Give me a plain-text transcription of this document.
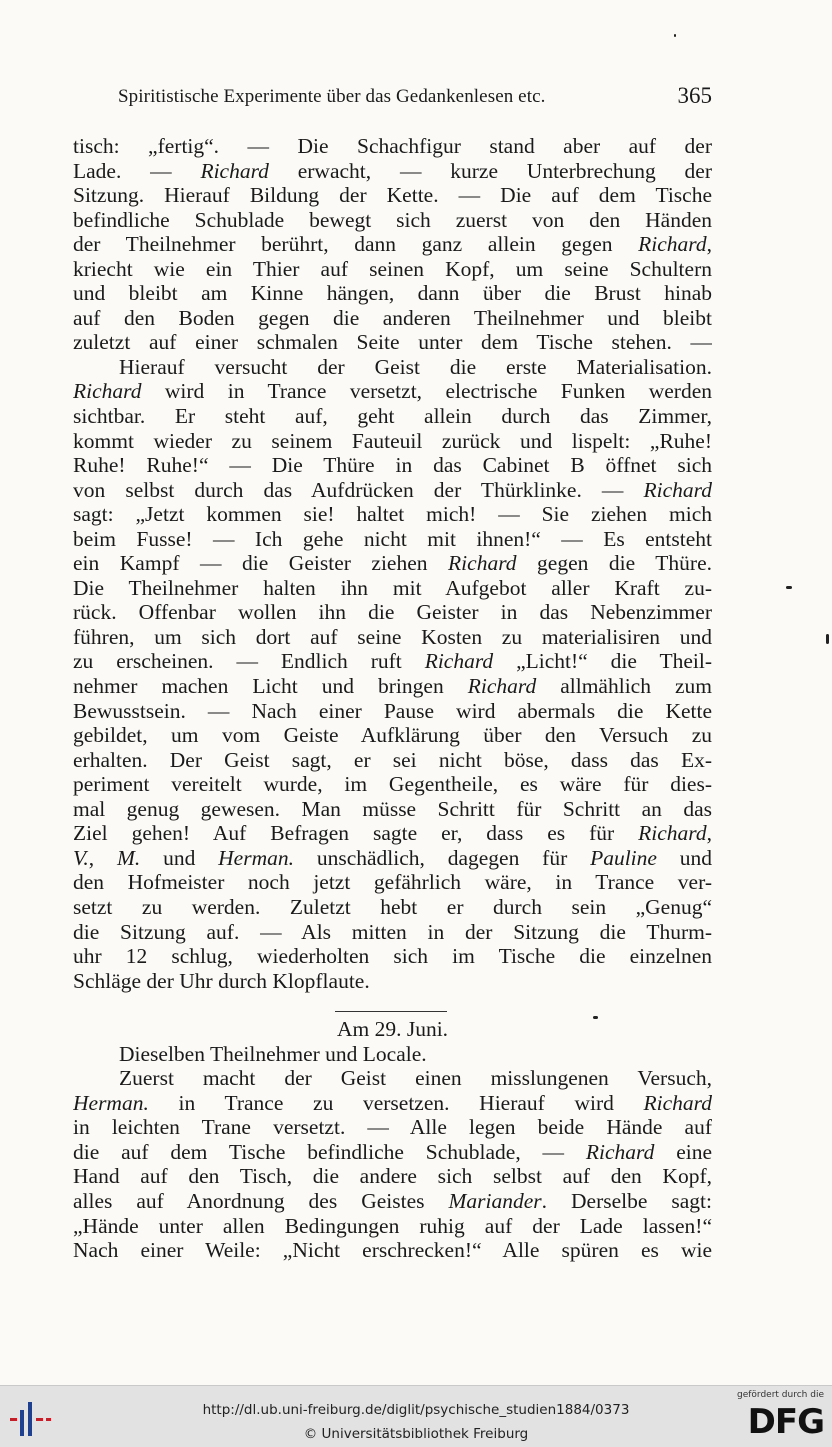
Spiritistische Experimente über das Gedankenlesen etc.	365
tisch: „fertig“. — Die Schachfigur stand aber auf der
Lade. — Richard erwacht, — kurze Unterbrechung der
Sitzung. Hierauf Bildung der Kette. — Die auf dem Tische
befindliche Schublade bewegt sich zuerst von den Händen
der Theilnehmer berührt, dann ganz allein gegen Richard,
kriecht wie ein Thier auf seinen Kopf, um seine Schultern
und bleibt am Kinne hängen, dann über die Brust hinab
auf den Boden gegen die anderen Theilnehmer und bleibt
zuletzt auf einer schmalen Seite unter dem Tische stehen. —
Hierauf versucht der Geist die erste Materialisation.
Richard wird in Trance versetzt, electrische Funken werden
sichtbar. Er steht auf, geht allein durch das Zimmer,
kommt wieder zu seinem Fauteuil zurück und lispelt: „Ruhe!
Ruhe! Ruhe!“ — Die Thüre in das Cabinet B öffnet sich
von selbst durch das Aufdrücken der Thürklinke. — Richard
sagt: „Jetzt kommen sie! haltet mich! — Sie ziehen mich
beim Fusse! — Ich gehe nicht mit ihnen!“ — Es entsteht
ein Kampf — die Geister ziehen Richard gegen die Thüre.
Die Theilnehmer halten ihn mit Aufgebot aller Kraft zu-
rück. Offenbar wollen ihn die Geister in das Nebenzimmer
führen, um sich dort auf seine Kosten zu materialisiren und
zu erscheinen. — Endlich ruft Richard „Licht!“ die Theil-
nehmer machen Licht und bringen Richard allmählich zum
Bewusstsein. — Nach einer Pause wird abermals die Kette
gebildet, um vom Geiste Aufklärung über den Versuch zu
erhalten. Der Geist sagt, er sei nicht böse, dass das Ex-
periment vereitelt wurde, im Gegentheile, es wäre für dies-
mal genug gewesen. Man müsse Schritt für Schritt an das
Ziel gehen! Auf Befragen sagte er, dass es für Richard,
V., M. und Herman. unschädlich, dagegen für Pauline und
den Hofmeister noch jetzt gefährlich wäre, in Trance ver-
setzt zu werden. Zuletzt hebt er durch sein „Genug“
die Sitzung auf. — Als mitten in der Sitzung die Thurm-
uhr 12 schlug, wiederholten sich im Tische die einzelnen
Schläge der Uhr durch Klopflaute.
Am 29. Juni.
Dieselben Theilnehmer und Locale.
Zuerst macht der Geist einen misslungenen Versuch,
Herman. in Trance zu versetzen. Hierauf wird Richard
in leichten Trane versetzt. — Alle legen beide Hände auf
die auf dem Tische befindliche Schublade, — Richard eine
Hand auf den Tisch, die andere sich selbst auf den Kopf,
alles auf Anordnung des Geistes Mariander. Derselbe sagt:
„Hände unter allen Bedingungen ruhig auf der Lade lassen!“
Nach einer Weile: „Nicht erschrecken!“ Alle spüren es wie
http://dl.ub.uni-freiburg.de/diglit/psychische_studien1884/0373
© Universitätsbibliothek Freiburg
gefördert durch die
DFG
